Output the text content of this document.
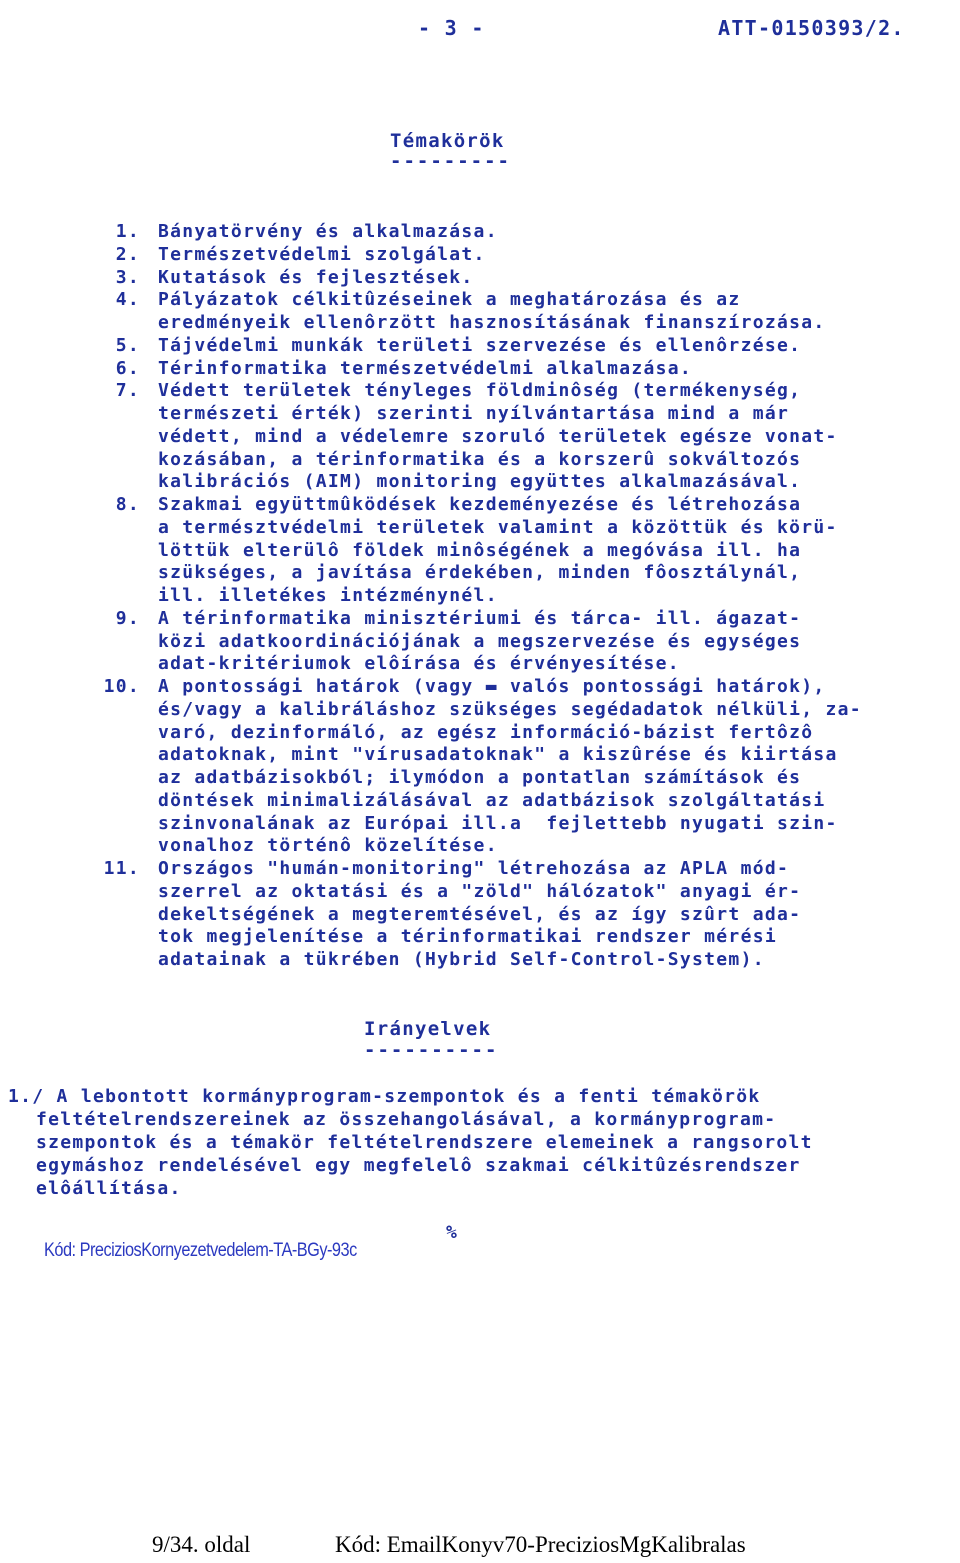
- 3 -	ATT-0150393/2.
Témakörök
---------
1. Bányatörvény és alkalmazása.
2. Természetvédelmi szolgálat.
3. Kutatások és fejlesztések.
4. Pályázatok célkitûzéseinek a meghatározása és az
eredményeik ellenôrzött hasznosításának finanszírozása.
5. Tájvédelmi munkák területi szervezése és ellenôrzése.
6. Térinformatika természetvédelmi alkalmazása.
7. Védett területek tényleges földminôség (termékenység,
természeti érték) szerinti nyílvántartása mind a már
védett, mind a védelemre szoruló területek egésze vonat-
kozásában, a térinformatika és a korszerû sokváltozós
kalibrációs (AIM) monitoring együttes alkalmazásával.
8. Szakmai együttmûködések kezdeményezése és létrehozása
a természtvédelmi területek valamint a közöttük és körü-
löttük elterülô földek minôségének a megóvása ill. ha
szükséges, a javítása érdekében, minden fôosztálynál,
ill. illetékes intézménynél.
9. A térinformatika minisztériumi és tárca- ill. ágazat-
közi adatkoordinációjának a megszervezése és egységes
adat-kritériumok elôírása és érvényesítése.
10. A pontossági határok (vagy ▬ valós pontossági határok),
és/vagy a kalibráláshoz szükséges segédadatok nélküli, za-
varó, dezinformáló, az egész információ-bázist fertôzô
adatoknak, mint "vírusadatoknak" a kiszûrése és kiirtása
az adatbázisokból; ilymódon a pontatlan számítások és
döntések minimalizálásával az adatbázisok szolgáltatási
szinvonalának az Európai ill.a  fejlettebb nyugati szin-
vonalhoz történô közelítése.
11. Országos "humán-monitoring" létrehozása az APLA mód-
szerrel az oktatási és a "zöld" hálózatok" anyagi ér-
dekeltségének a megteremtésével, és az így szûrt ada-
tok megjelenítése a térinformatikai rendszer mérési
adatainak a tükrében (Hybrid Self-Control-System).
Irányelvek
----------
1./ A lebontott kormányprogram-szempontok és a fenti témakörök
feltételrendszereinek az összehangolásával, a kormányprogram-
szempontok és a témakör feltételrendszere elemeinek a rangsorolt
egymáshoz rendelésével egy megfelelô szakmai célkitûzésrendszer
elôállítása.
%
Kód: PreciziosKornyezetvedelem-TA-BGy-93c
9/34. oldal	Kód: EmailKonyv70-PreciziosMgKalibralas
